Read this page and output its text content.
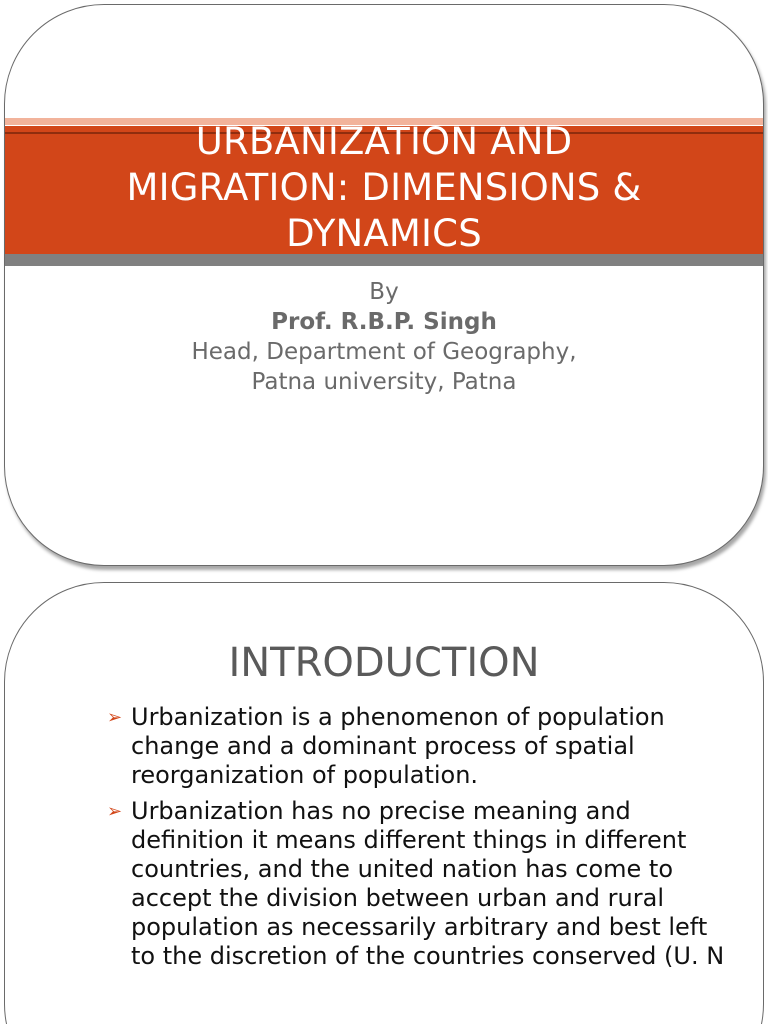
URBANIZATION AND
MIGRATION: DIMENSIONS &
DYNAMICS
By
Prof. R.B.P. Singh
Head, Department of Geography,
Patna university, Patna
INTRODUCTION
➢ Urbanization is a phenomenon of population change and a dominant process of spatial reorganization of population.
➢ Urbanization has no precise meaning and definition it means different things in different countries, and the united nation has come to accept the division between urban and rural population as necessarily arbitrary and best left to the discretion of the countries conserved (U. N
